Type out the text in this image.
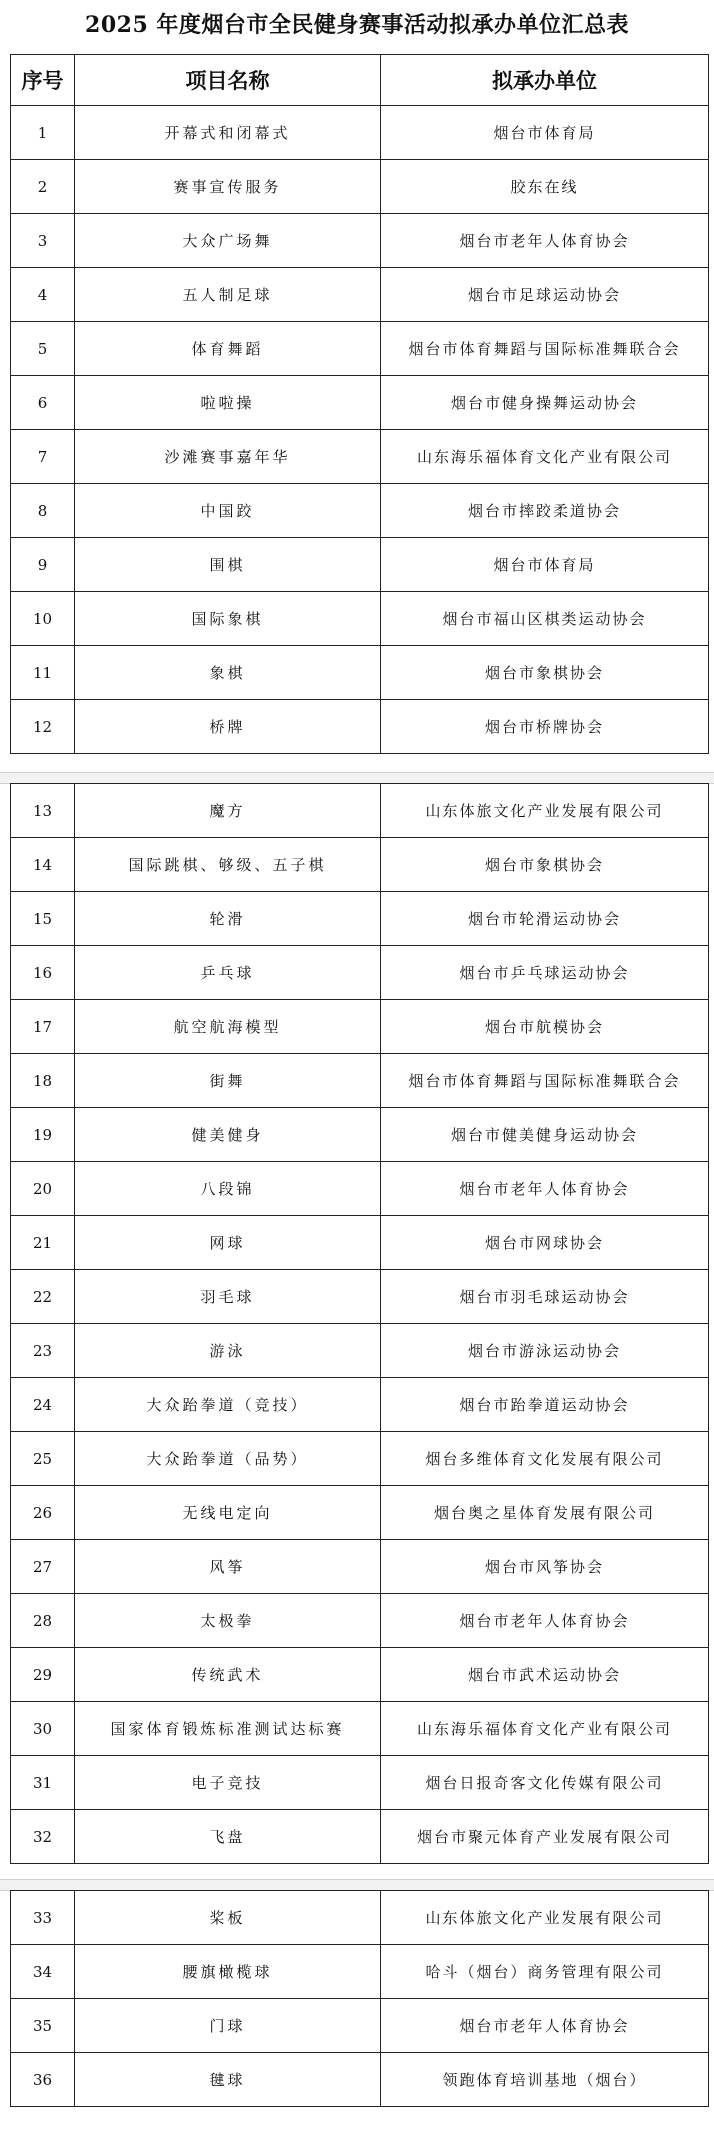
2025 年度烟台市全民健身赛事活动拟承办单位汇总表
序号	项目名称	拟承办单位
1	开幕式和闭幕式	烟台市体育局
2	赛事宣传服务	胶东在线
3	大众广场舞	烟台市老年人体育协会
4	五人制足球	烟台市足球运动协会
5	体育舞蹈	烟台市体育舞蹈与国际标准舞联合会
6	啦啦操	烟台市健身操舞运动协会
7	沙滩赛事嘉年华	山东海乐福体育文化产业有限公司
8	中国跤	烟台市摔跤柔道协会
9	围棋	烟台市体育局
10	国际象棋	烟台市福山区棋类运动协会
11	象棋	烟台市象棋协会
12	桥牌	烟台市桥牌协会
13	魔方	山东体旅文化产业发展有限公司
14	国际跳棋、够级、五子棋	烟台市象棋协会
15	轮滑	烟台市轮滑运动协会
16	乒乓球	烟台市乒乓球运动协会
17	航空航海模型	烟台市航模协会
18	街舞	烟台市体育舞蹈与国际标准舞联合会
19	健美健身	烟台市健美健身运动协会
20	八段锦	烟台市老年人体育协会
21	网球	烟台市网球协会
22	羽毛球	烟台市羽毛球运动协会
23	游泳	烟台市游泳运动协会
24	大众跆拳道（竞技）	烟台市跆拳道运动协会
25	大众跆拳道（品势）	烟台多维体育文化发展有限公司
26	无线电定向	烟台奥之星体育发展有限公司
27	风筝	烟台市风筝协会
28	太极拳	烟台市老年人体育协会
29	传统武术	烟台市武术运动协会
30	国家体育锻炼标准测试达标赛	山东海乐福体育文化产业有限公司
31	电子竞技	烟台日报奇客文化传媒有限公司
32	飞盘	烟台市聚元体育产业发展有限公司
33	桨板	山东体旅文化产业发展有限公司
34	腰旗橄榄球	哈斗（烟台）商务管理有限公司
35	门球	烟台市老年人体育协会
36	毽球	领跑体育培训基地（烟台）
